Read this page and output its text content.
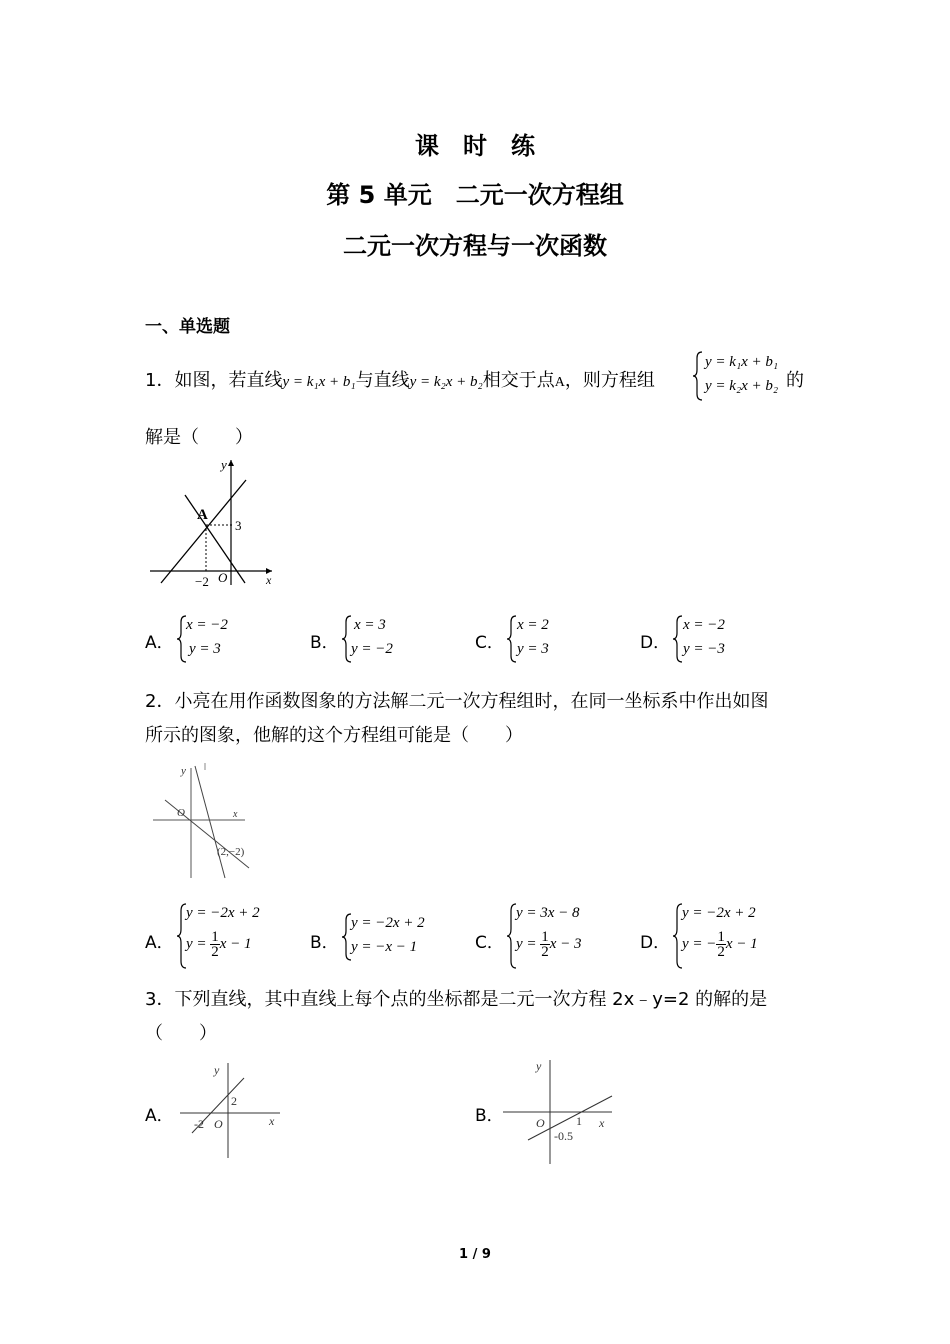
课　时　练
第 5 单元　二元一次方程组
二元一次方程与一次函数
一、单选题
1．如图，若直线y = k₁x + b₁与直线y = k₂x + b₂相交于点A，则方程组
y = k₁x + b₁
y = k₂x + b₂ 的
解是（　　）
y
x
A
3
−2 O
A．
x = −2
y = 3	B．
x = 3
y = −2	C．
x = 2
y = 3	D．
x = −2
y = −3
2．小亮在用作函数图象的方法解二元一次方程组时，在同一坐标系中作出如图
所示的图象，他解的这个方程组可能是（　　）
y
x
O
(2,−2)
A．
y = −2x + 2
$y = \frac{1}{2}$ x − 1	B．
y = −2x + 2
y = −x − 1	C．
y = 3x − 8
$y = \frac{1}{2}$ x − 3	D．
y = −2x + 2
y = − $\frac{1}{2}$ x − 1
3．下列直线，其中直线上每个点的坐标都是二元一次方程 2x﹣y=2 的解的是
（　　）
A．
y
x
2
-2 O	B．
y
x
O	1
-0.5
1 / 9
